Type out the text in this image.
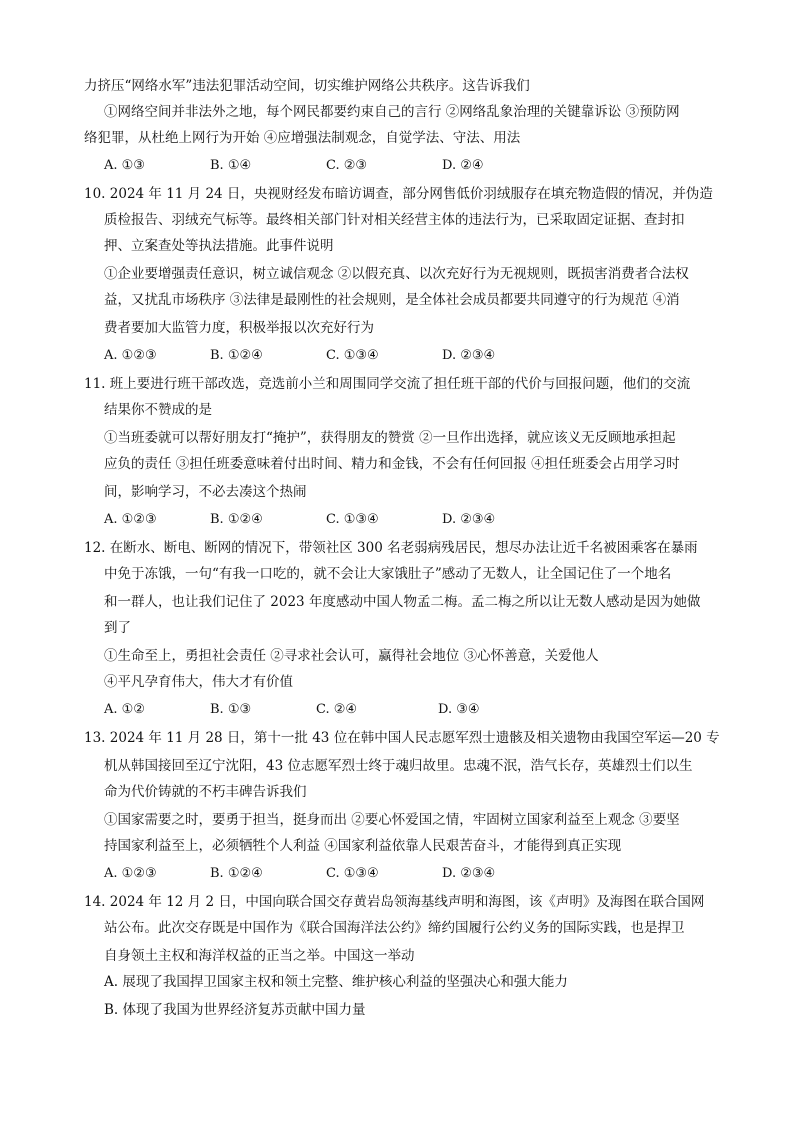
力挤压“网络水军”违法犯罪活动空间，切实维护网络公共秩序。这告诉我们
①网络空间并非法外之地，每个网民都要约束自己的言行 ②网络乱象治理的关键靠诉讼 ③预防网
络犯罪，从杜绝上网行为开始 ④应增强法制观念，自觉学法、守法、用法
A. ①③	B. ①④	C. ②③	D. ②④
10. 2024 年 11 月 24 日，央视财经发布暗访调查，部分网售低价羽绒服存在填充物造假的情况，并伪造
质检报告、羽绒充气标等。最终相关部门针对相关经营主体的违法行为，已采取固定证据、查封扣
押、立案查处等执法措施。此事件说明
①企业要增强责任意识，树立诚信观念 ②以假充真、以次充好行为无视规则，既损害消费者合法权
益，又扰乱市场秩序 ③法律是最刚性的社会规则，是全体社会成员都要共同遵守的行为规范 ④消
费者要加大监管力度，积极举报以次充好行为
A. ①②③	B. ①②④	C. ①③④	D. ②③④
11. 班上要进行班干部改选，竞选前小兰和周围同学交流了担任班干部的代价与回报问题，他们的交流
结果你不赞成的是
①当班委就可以帮好朋友打“掩护”，获得朋友的赞赏 ②一旦作出选择，就应该义无反顾地承担起
应负的责任 ③担任班委意味着付出时间、精力和金钱，不会有任何回报 ④担任班委会占用学习时
间，影响学习，不必去凑这个热闹
A. ①②③	B. ①②④	C. ①③④	D. ②③④
12. 在断水、断电、断网的情况下，带领社区 300 名老弱病残居民，想尽办法让近千名被困乘客在暴雨
中免于冻饿，一句“有我一口吃的，就不会让大家饿肚子”感动了无数人，让全国记住了一个地名
和一群人，也让我们记住了 2023 年度感动中国人物孟二梅。孟二梅之所以让无数人感动是因为她做
到了
①生命至上，勇担社会责任 ②寻求社会认可，赢得社会地位 ③心怀善意，关爱他人
④平凡孕育伟大，伟大才有价值
A. ①②	B. ①③	C. ②④	D. ③④
13. 2024 年 11 月 28 日，第十一批 43 位在韩中国人民志愿军烈士遗骸及相关遗物由我国空军运—20 专
机从韩国接回至辽宁沈阳，43 位志愿军烈士终于魂归故里。忠魂不泯，浩气长存，英雄烈士们以生
命为代价铸就的不朽丰碑告诉我们
①国家需要之时，要勇于担当，挺身而出 ②要心怀爱国之情，牢固树立国家利益至上观念 ③要坚
持国家利益至上，必须牺牲个人利益 ④国家利益依靠人民艰苦奋斗，才能得到真正实现
A. ①②③	B. ①②④	C. ①③④	D. ②③④
14. 2024 年 12 月 2 日，中国向联合国交存黄岩岛领海基线声明和海图，该《声明》及海图在联合国网
站公布。此次交存既是中国作为《联合国海洋法公约》缔约国履行公约义务的国际实践，也是捍卫
自身领土主权和海洋权益的正当之举。中国这一举动
A. 展现了我国捍卫国家主权和领土完整、维护核心利益的坚强决心和强大能力
B. 体现了我国为世界经济复苏贡献中国力量
